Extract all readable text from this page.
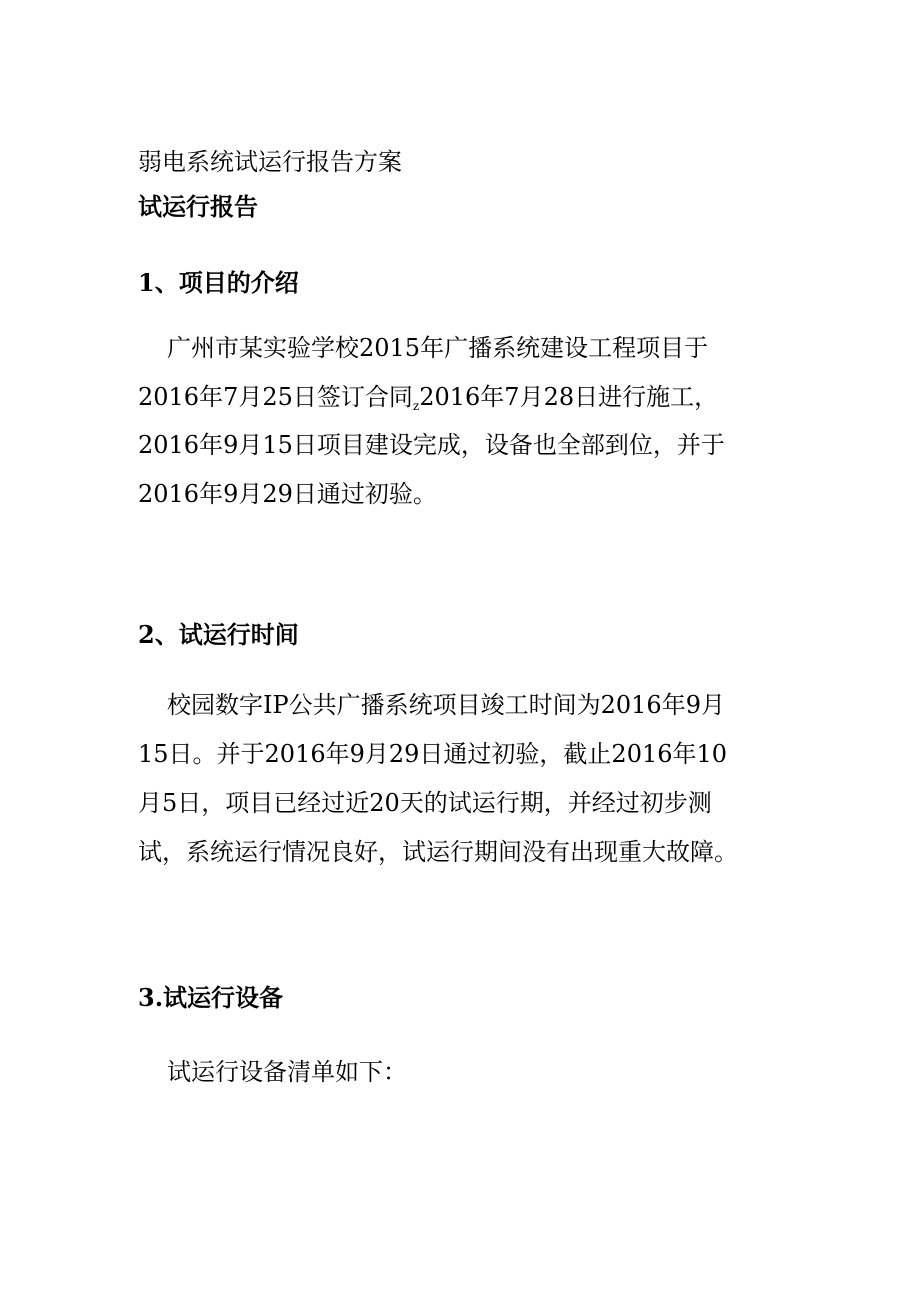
弱电系统试运行报告方案

试运行报告

1、项目的介绍

广州市某实验学校2015年广播系统建设工程项目于

2016年7月25日签订合同$_z$2016年7月28日进行施工，

2016年9月15日项目建设完成，设备也全部到位，并于

2016年9月29日通过初验。

2、试运行时间

校园数字IP公共广播系统项目竣工时间为2016年9月

15日。并于2016年9月29日通过初验，截止2016年10

月5日，项目已经过近20天的试运行期，并经过初步测

试，系统运行情况良好，试运行期间没有出现重大故障。

3.试运行设备

试运行设备清单如下：
